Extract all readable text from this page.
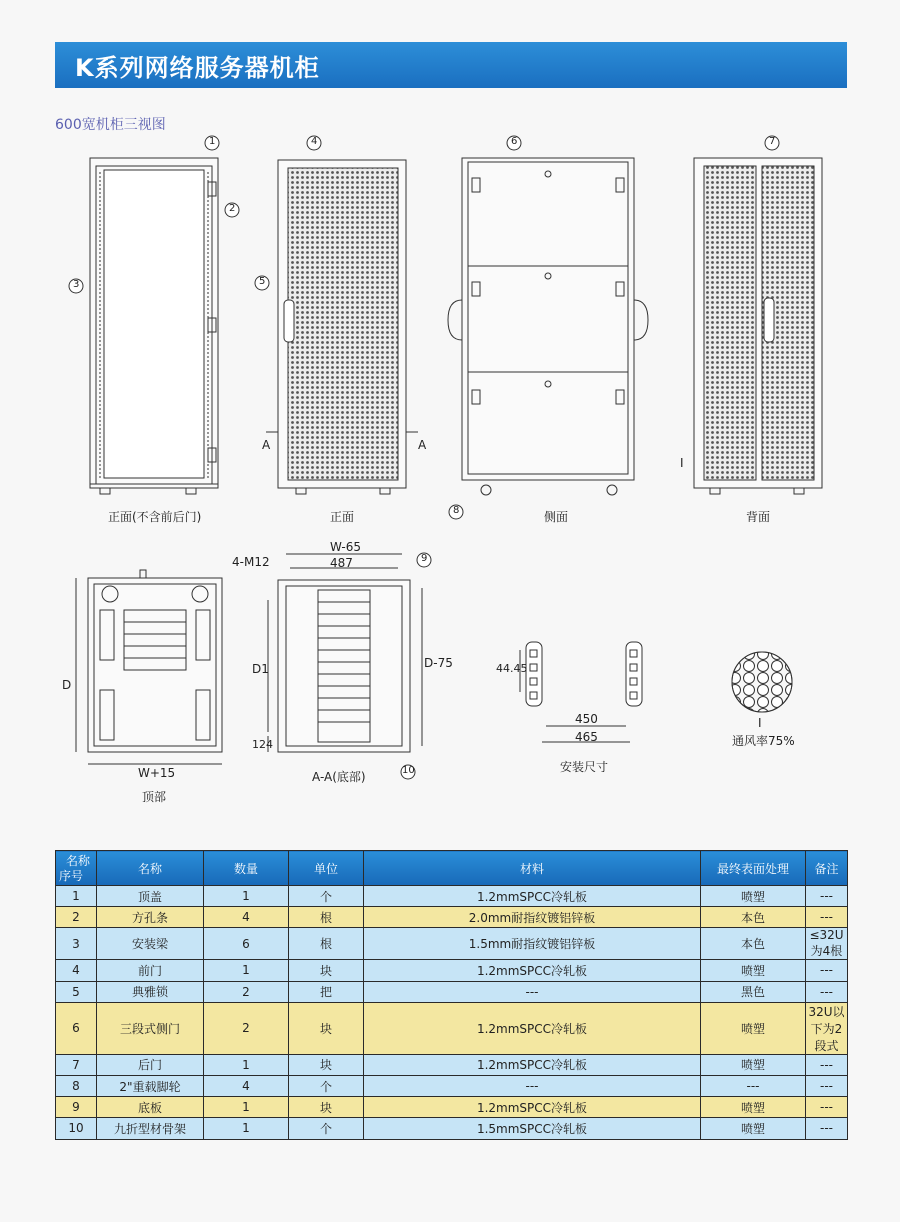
K系列网络服务器机柜
600宽机柜三视图
1
2
3
4
5
6	7
8
9
10
A	A
I
I
正面(不含前后门)	正面	侧面	背面
顶部
A-A(底部)
安装尺寸
通风率75%
D
W+15
W-65
487
4-M12
D1	D-75
124
44.45
450
465
名称
序号	名称	数量	单位	材料	最终表面处理	备注
1	顶盖	1	个	1.2mmSPCC冷轧板	喷塑	---
2	方孔条	4	根	2.0mm耐指纹镀铝锌板	本色	---
3	安装梁	6	根	1.5mm耐指纹镀铝锌板	本色	≤32U为4根
4	前门	1	块	1.2mmSPCC冷轧板	喷塑	---
5	典雅锁	2	把	---	黑色	---
6	三段式侧门	2	块	1.2mmSPCC冷轧板	喷塑	32U以下为2段式
7	后门	1	块	1.2mmSPCC冷轧板	喷塑	---
8	2"重载脚轮	4	个	---	---	---
9	底板	1	块	1.2mmSPCC冷轧板	喷塑	---
10	九折型材骨架	1	个	1.5mmSPCC冷轧板	喷塑	---
